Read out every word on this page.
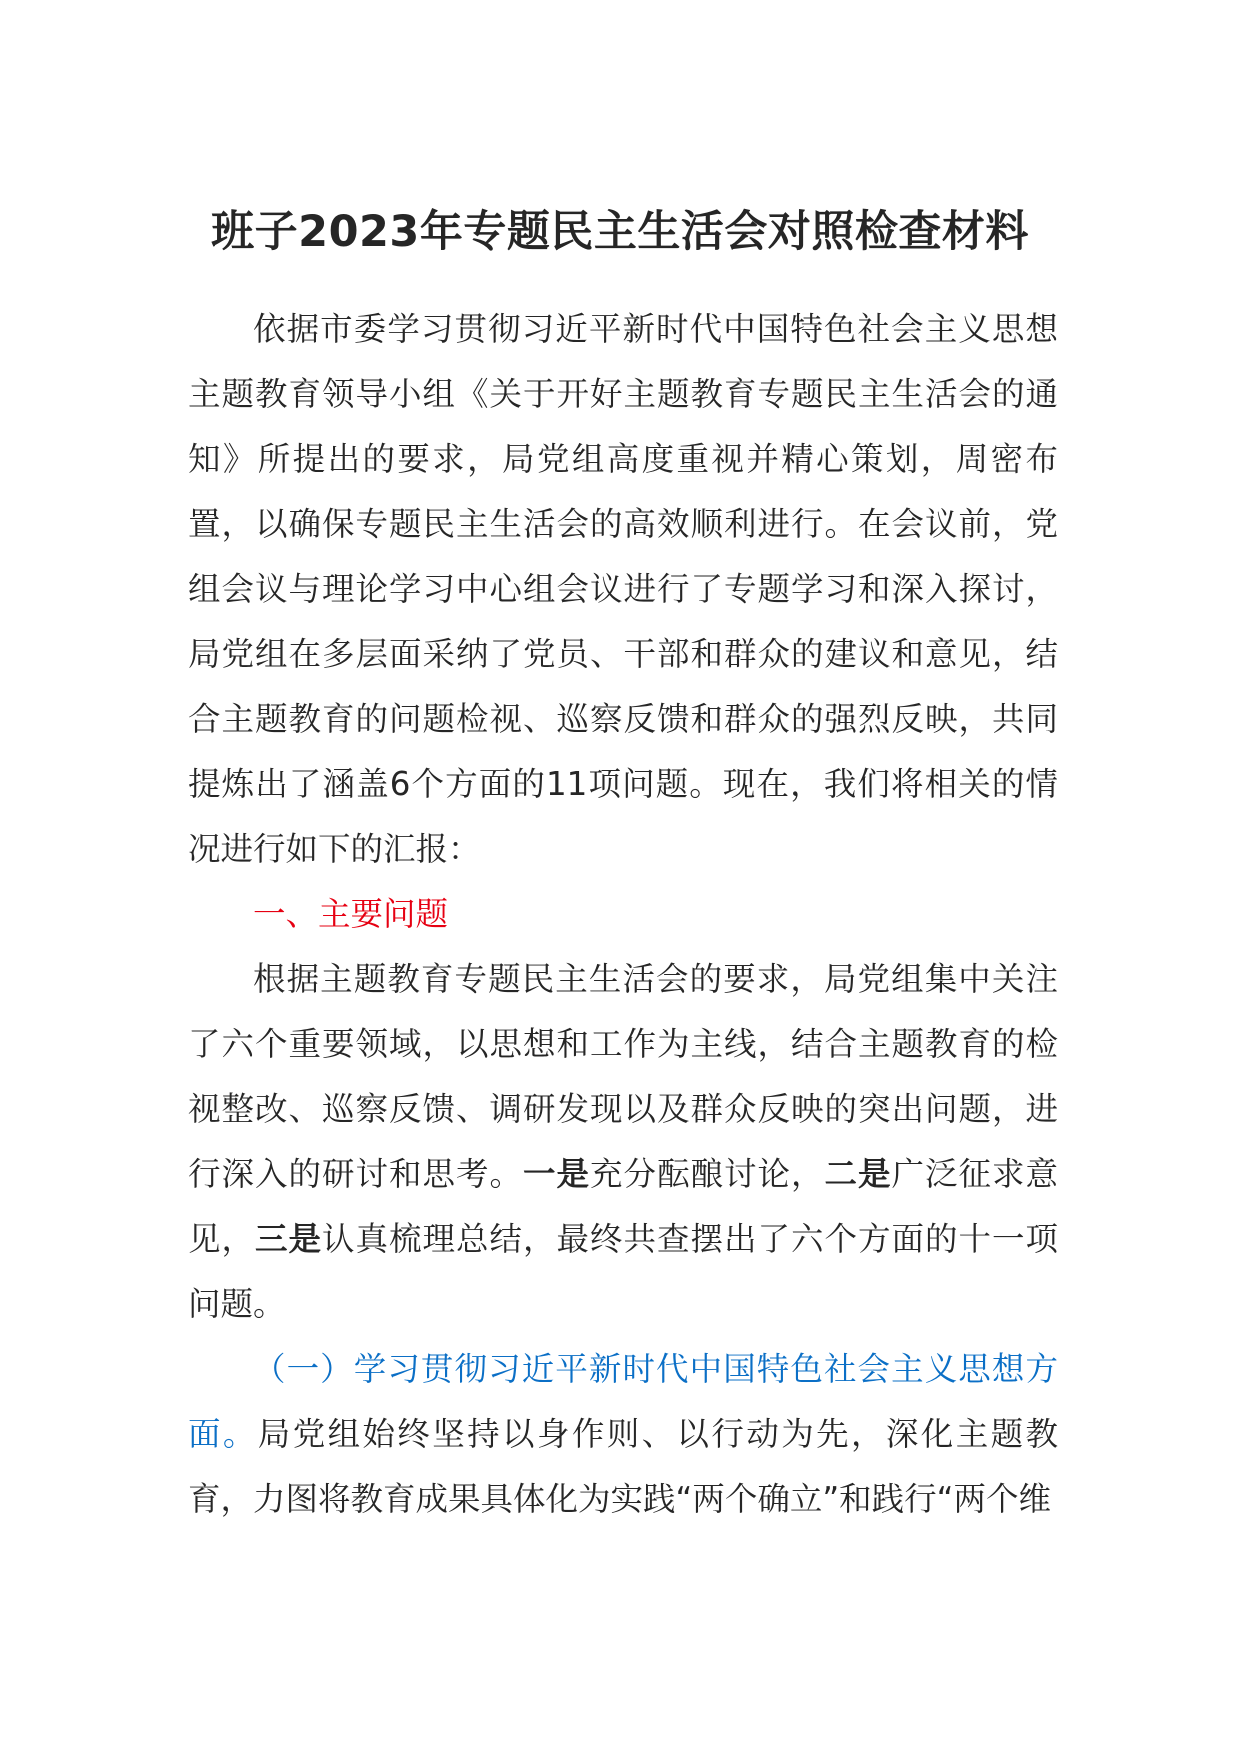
班子2023年专题民主生活会对照检查材料

依据市委学习贯彻习近平新时代中国特色社会主义思想主题教育领导小组《关于开好主题教育专题民主生活会的通知》所提出的要求，局党组高度重视并精心策划，周密布置，以确保专题民主生活会的高效顺利进行。在会议前，党组会议与理论学习中心组会议进行了专题学习和深入探讨，局党组在多层面采纳了党员、干部和群众的建议和意见，结合主题教育的问题检视、巡察反馈和群众的强烈反映，共同提炼出了涵盖6个方面的11项问题。现在，我们将相关的情况进行如下的汇报：

一、主要问题

根据主题教育专题民主生活会的要求，局党组集中关注了六个重要领域，以思想和工作为主线，结合主题教育的检视整改、巡察反馈、调研发现以及群众反映的突出问题，进行深入的研讨和思考。一是充分酝酿讨论，二是广泛征求意见，三是认真梳理总结，最终共查摆出了六个方面的十一项问题。

（一）学习贯彻习近平新时代中国特色社会主义思想方面。局党组始终坚持以身作则、以行动为先，深化主题教育，力图将教育成果具体化为实践“两个确立”和践行“两个维
